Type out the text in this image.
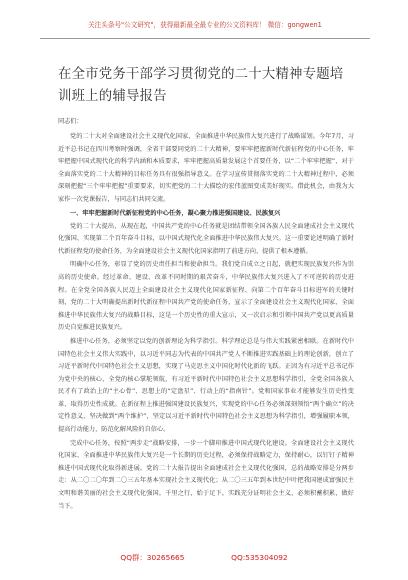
关注头条号"公文研究"，获得最新最全最专业的公文资料库！ 微信：gongwen1
在全市党务干部学习贯彻党的二十大精神专题培训班上的辅导报告
同志们：

党的二十大对全面建设社会主义现代化国家、全面推进中华民族伟大复兴进行了战略谋划。今年7月，习近平总书记在四川考察时强调，全省干部要同党的二十大精神，要牢牢把握新时代新征程党的中心任务，牢牢把握中国式现代化的科学内涵和本质要求，牢牢把握高质量发展这个首要任务，以“二个牢牢把握”，对于全面落实党的二十大精神的目标任务具有很强指导意义。在学习宣传贯彻落实党的二十大精神过程中，必须深刻把握“三个牢牢把握”重要要求，切实把党的二十大描绘的宏伟蓝图变成美好现实。借此机会，由我为大家作一次党课报告，与同志们共同交流。

一、牢牢把握新时代新征程党的中心任务，凝心聚力推进强国建设、民族复兴

党的二十大提出，从现在起，中国共产党的中心任务就是团结带领全国各族人民全面建成社会主义现代化强国、实现第二个百年奋斗目标，以中国式现代化全面推进中华民族伟大复兴。这一重要论述明确了新时代新征程党的使命任务，为全面建设社会主义现代化国家指明了前进方向、提供了根本遵循。

明确中心任务，彰显了党的历史责任担当和使命担当。我们党自成立之日起，就把实现民族复兴作为崇高的历史使命。经过革命、建设、改革不同时期的艰苦奋斗，中华民族伟大复兴进入了不可逆转的历史进程。在全党全国各族人民迈上全面建设社会主义现代化国家新征程、向第二个百年奋斗目标进军的关键时刻，党的二十大明确提出新时代新征程中国共产党的使命任务，宣示了全面建设社会主义现代化国家、全面推进中华民族伟大复兴的战略目标，这是一个历史性的重大宣示，又一次启示和引领中国共产党以更高质量历史自觉推进民族复兴。

推进中心任务，必须坚定以党的创新理论为科学指引。科学理论总是与伟大实践紧密相联。在新时代中国特色社会主义伟大实践中，以习近平同志为代表的中国共产党人不断推进实践基础上的理论创新，创立了习近平新时代中国特色社会主义思想，实现了马克思主义中国化时代化新的飞跃。正因为有习近平总书记作为党中央的核心、全党的核心掌舵领航，有习近平新时代中国特色社会主义思想科学指引，全党全国各族人民才有了政治上的“主心骨”、思想上的“定盘星”、行动上的“指南针”。党和国家事业才能够发生历史性变革、取得历史性成就。在新征程上推进强国建设民族复兴，实现党的中心任务必须深刻领悟“两个确立”的决定性意义，坚决做到“两个维护”，坚定以习近平新时代中国特色社会主义思想为科学指引，增强履职本领，提高行动能力，防范化解风险的自信心。

完成中心任务，按照“两步走”战略安排，一步一个脚印推进中国式现代化建设。全面建设社会主义现代化国家、全面推进中华民族伟大复兴是一个长期的历史过程，必须保持战略定力，保持耐心，以钉钉子精神推进中国式现代化取得新进展。党的二十大报告提出全面建成社会主义现代化强国，总的战略安排是分两步走：从二〇二〇年到二〇三五年基本实现社会主义现代化；从二〇三五年到本世纪中叶把我国建成富强民主文明和谐美丽的社会主义现代化强国。千里之行，始于足下。实践充分证明社会主义，必须积蓄积累，做好当下。

QQ群：30265665	QQ:535304092
